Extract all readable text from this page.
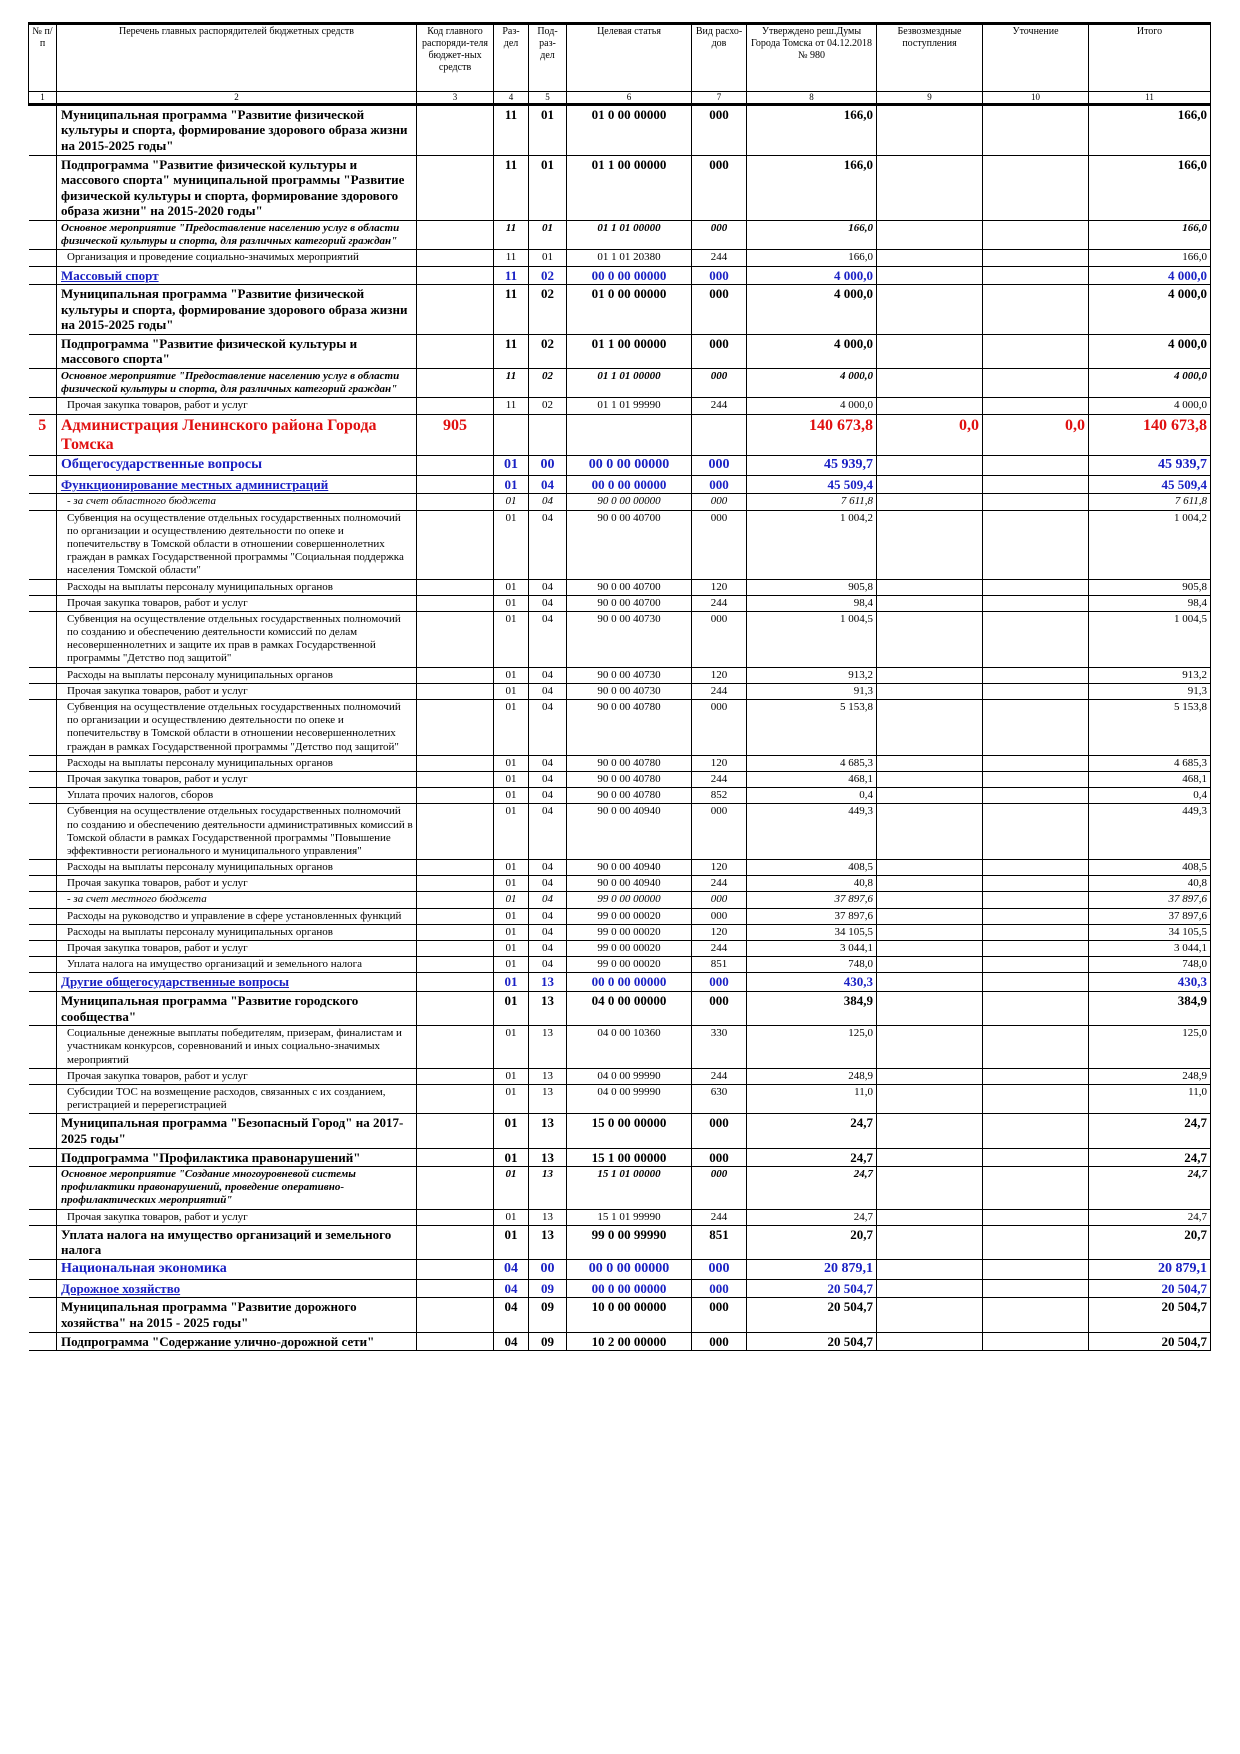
№ п/п	Перечень главных распорядителей бюджетных средств	Код главного распоряди-теля бюджет-ных средств	Раз-дел	Под-раз-дел	Целевая статья	Вид расхо-дов	Утверждено реш.Думы Города Томска от 04.12.2018 № 980	Безвозмездные поступления	Уточнение	Итого
1	2	3	4	5	6	7	8	9	10	11
	Муниципальная программа "Развитие физической культуры и спорта, формирование здорового образа жизни на 2015-2025 годы"		11	01	01 0 00 00000	000	166,0			166,0
	Подпрограмма "Развитие физической культуры и массового спорта" муниципальной программы "Развитие физической культуры и спорта, формирование здорового образа жизни" на 2015-2020 годы"		11	01	01 1 00 00000	000	166,0			166,0
	Основное мероприятие "Предоставление населению услуг в области физической культуры и спорта, для различных категорий граждан"		11	01	01 1 01 00000	000	166,0			166,0
	Организация и проведение социально-значимых мероприятий		11	01	01 1 01 20380	244	166,0			166,0
	Массовый спорт		11	02	00 0 00 00000	000	4 000,0			4 000,0
	Муниципальная программа "Развитие физической культуры и спорта, формирование здорового образа жизни на 2015-2025 годы"		11	02	01 0 00 00000	000	4 000,0			4 000,0
	Подпрограмма "Развитие физической культуры и массового спорта"		11	02	01 1 00 00000	000	4 000,0			4 000,0
	Основное мероприятие "Предоставление населению услуг в области физической культуры и спорта, для различных категорий граждан"		11	02	01 1 01 00000	000	4 000,0			4 000,0
	Прочая закупка товаров, работ и услуг		11	02	01 1 01 99990	244	4 000,0			4 000,0
5	Администрация Ленинского района Города Томска	905					140 673,8	0,0	0,0	140 673,8
	Общегосударственные вопросы		01	00	00 0 00 00000	000	45 939,7			45 939,7
	Функционирование местных администраций		01	04	00 0 00 00000	000	45 509,4			45 509,4
	- за счет областного бюджета		01	04	90 0 00 00000	000	7 611,8			7 611,8
	Субвенция на осуществление отдельных государственных полномочий по организации и осуществлению деятельности по опеке и попечительству в Томской области в отношении совершеннолетних граждан в рамках Государственной программы "Социальная поддержка населения Томской области"		01	04	90 0 00 40700	000	1 004,2			1 004,2
	Расходы на выплаты персоналу муниципальных органов		01	04	90 0 00 40700	120	905,8			905,8
	Прочая закупка товаров, работ и услуг		01	04	90 0 00 40700	244	98,4			98,4
	Субвенция на осуществление отдельных государственных полномочий по созданию и обеспечению деятельности комиссий по делам несовершеннолетних и защите их прав в рамках Государственной программы "Детство под защитой"		01	04	90 0 00 40730	000	1 004,5			1 004,5
	Расходы на выплаты персоналу муниципальных органов		01	04	90 0 00 40730	120	913,2			913,2
	Прочая закупка товаров, работ и услуг		01	04	90 0 00 40730	244	91,3			91,3
	Субвенция на осуществление отдельных государственных полномочий по организации и осуществлению деятельности по опеке и попечительству в Томской области в отношении несовершеннолетних граждан в рамках Государственной программы "Детство под защитой"		01	04	90 0 00 40780	000	5 153,8			5 153,8
	Расходы на выплаты персоналу муниципальных органов		01	04	90 0 00 40780	120	4 685,3			4 685,3
	Прочая закупка товаров, работ и услуг		01	04	90 0 00 40780	244	468,1			468,1
	Уплата прочих налогов, сборов		01	04	90 0 00 40780	852	0,4			0,4
	Субвенция на осуществление отдельных государственных полномочий по созданию и обеспечению деятельности административных комиссий в Томской области в рамках Государственной программы "Повышение эффективности регионального и муниципального управления"		01	04	90 0 00 40940	000	449,3			449,3
	Расходы на выплаты персоналу муниципальных органов		01	04	90 0 00 40940	120	408,5			408,5
	Прочая закупка товаров, работ и услуг		01	04	90 0 00 40940	244	40,8			40,8
	- за счет местного бюджета		01	04	99 0 00 00000	000	37 897,6			37 897,6
	Расходы на руководство и управление в сфере установленных функций		01	04	99 0 00 00020	000	37 897,6			37 897,6
	Расходы на выплаты персоналу муниципальных органов		01	04	99 0 00 00020	120	34 105,5			34 105,5
	Прочая закупка товаров, работ и услуг		01	04	99 0 00 00020	244	3 044,1			3 044,1
	Уплата налога на имущество организаций и земельного налога		01	04	99 0 00 00020	851	748,0			748,0
	Другие общегосударственные вопросы		01	13	00 0 00 00000	000	430,3			430,3
	Муниципальная программа "Развитие городского сообщества"		01	13	04 0 00 00000	000	384,9			384,9
	Социальные денежные выплаты победителям, призерам, финалистам и участникам конкурсов, соревнований и иных социально-значимых мероприятий		01	13	04 0 00 10360	330	125,0			125,0
	Прочая закупка товаров, работ и услуг		01	13	04 0 00 99990	244	248,9			248,9
	Субсидии ТОС на возмещение расходов, связанных с их созданием, регистрацией и перерегистрацией		01	13	04 0 00 99990	630	11,0			11,0
	Муниципальная программа "Безопасный Город" на 2017- 2025 годы"		01	13	15 0 00 00000	000	24,7			24,7
	Подпрограмма "Профилактика правонарушений"		01	13	15 1 00 00000	000	24,7			24,7
	Основное мероприятие "Создание многоуровневой системы профилактики правонарушений, проведение оперативно-профилактических мероприятий"		01	13	15 1 01 00000	000	24,7			24,7
	Прочая закупка товаров, работ и услуг		01	13	15 1 01 99990	244	24,7			24,7
	Уплата налога на имущество организаций и земельного налога		01	13	99 0 00 99990	851	20,7			20,7
	Национальная экономика		04	00	00 0 00 00000	000	20 879,1			20 879,1
	Дорожное хозяйство		04	09	00 0 00 00000	000	20 504,7			20 504,7
	Муниципальная программа "Развитие дорожного хозяйства" на 2015 - 2025 годы"		04	09	10 0 00 00000	000	20 504,7			20 504,7
	Подпрограмма "Содержание улично-дорожной сети"		04	09	10 2 00 00000	000	20 504,7			20 504,7
